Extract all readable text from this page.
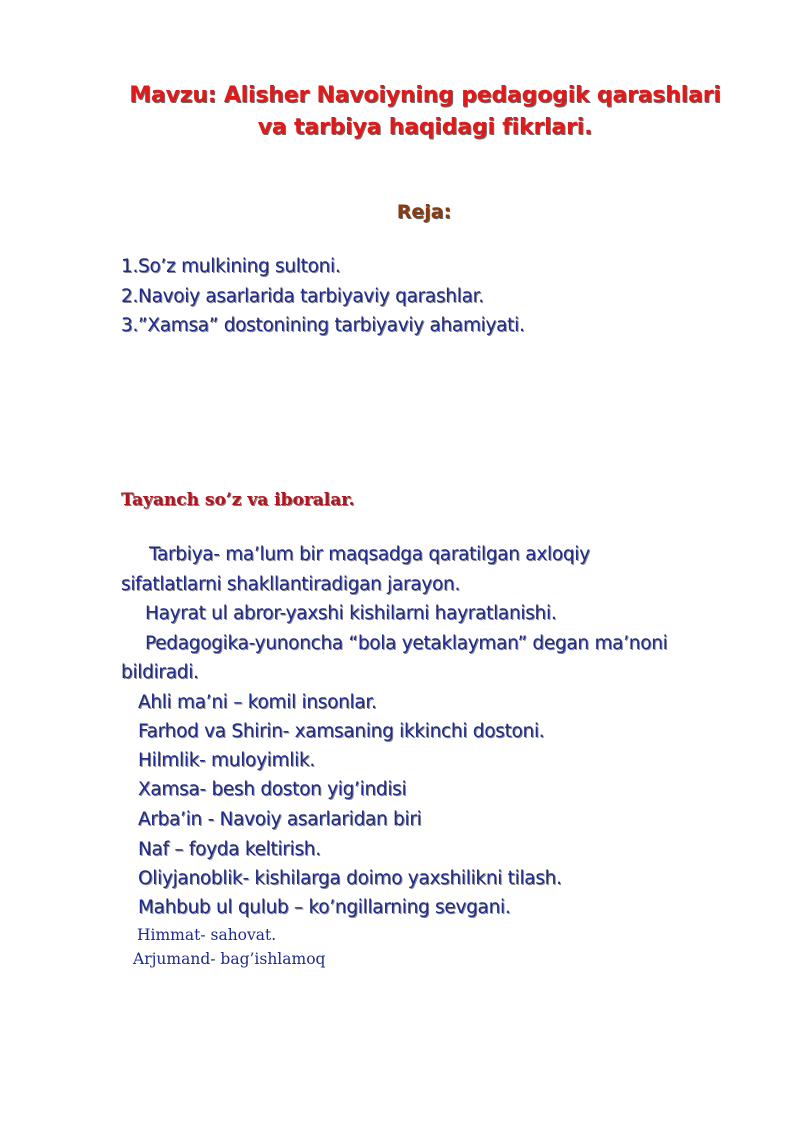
Mavzu: Alisher Navoiyning pedagogik qarashlari
va tarbiya haqidagi fikrlari.
Reja:
1.So’z mulkining sultoni.
2.Navoiy asarlarida tarbiyaviy qarashlar.
3.”Xamsa” dostonining tarbiyaviy ahamiyati.
Tayanch so’z va iboralar.
Tarbiya- ma’lum bir maqsadga qaratilgan axloqiy
sifatlatlarni shakllantiradigan jarayon.
Hayrat ul abror-yaxshi kishilarni hayratlanishi.
Pedagogika-yunoncha “bola yetaklayman” degan ma’noni
bildiradi.
Ahli ma’ni – komil insonlar.
Farhod va Shirin- xamsaning ikkinchi dostoni.
Hilmlik- muloyimlik.
Xamsa- besh doston yig’indisi
Arba’in - Navoiy asarlaridan biri
Naf – foyda keltirish.
Oliyjanoblik- kishilarga doimo yaxshilikni tilash.
Mahbub ul qulub – ko’ngillarning sevgani.
Himmat- sahovat.
Arjumand- bag’ishlamoq
